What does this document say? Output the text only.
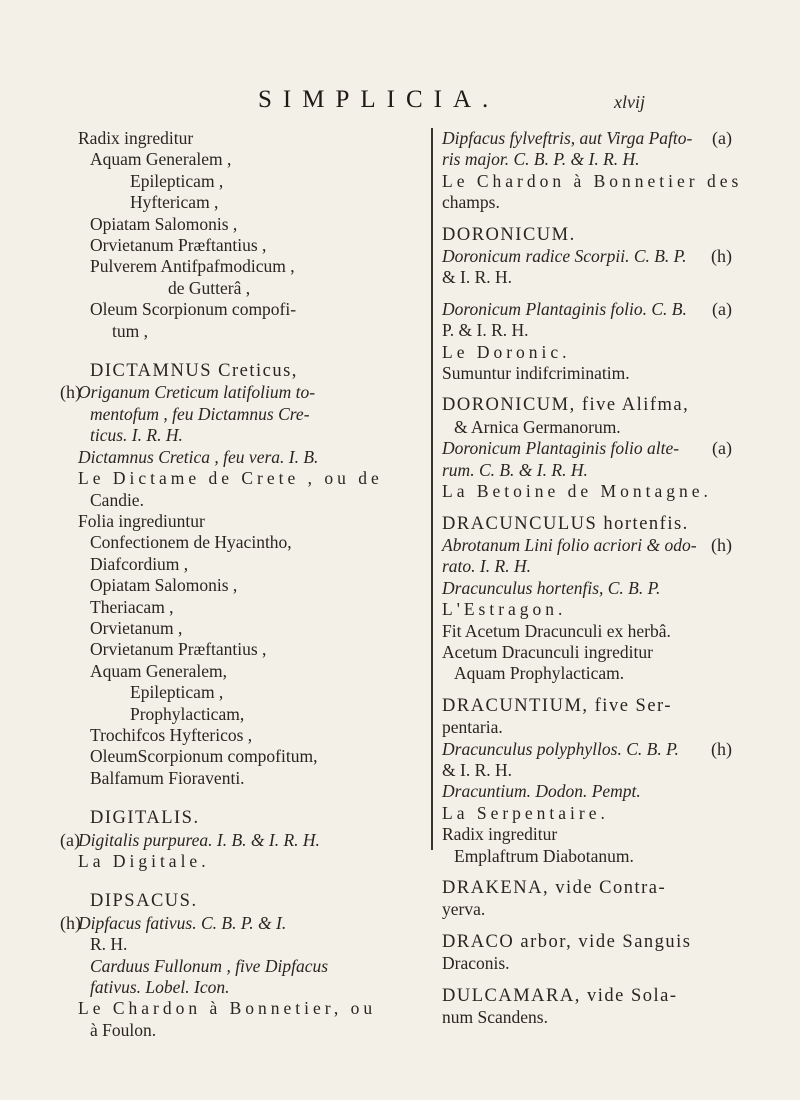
SIMPLICIA.	xlvij
Radix ingreditur
Aquam Generalem ,
Epilepticam ,
Hyftericam ,
Opiatam Salomonis ,
Orvietanum Præftantius ,
Pulverem Antifpafmodicum ,
de Gutterâ ,
Oleum Scorpionum compofi-
tum ,
DICTAMNUS Creticus,
Origanum Creticum latifolium to-
(h)
mentofum , feu Dictamnus Cre-
ticus. I. R. H.
Dictamnus Cretica , feu vera. I. B.
Le Dictame de Crete , ou de
Candie.
Folia ingrediuntur
Confectionem de Hyacintho,
Diafcordium ,
Opiatam Salomonis ,
Theriacam ,
Orvietanum ,
Orvietanum Præftantius ,
Aquam Generalem,
Epilepticam ,
Prophylacticam,
Trochifcos Hyftericos ,
OleumScorpionum compofitum,
Balfamum Fioraventi.
DIGITALIS.
Digitalis purpurea. I. B. & I. R. H.
(a)
La Digitale.
DIPSACUS.
Dipfacus fativus. C. B. P. & I.
(h)
R. H.
Carduus Fullonum , five Dipfacus
fativus. Lobel. Icon.
Le Chardon à Bonnetier, ou
à Foulon.
Dipfacus fylveftris, aut Virga Pafto- (a)
ris major. C. B. P. & I. R. H.
Le Chardon à Bonnetier des
champs.
DORONICUM.
Doronicum radice Scorpii. C. B. P. (h)
& I. R. H.
Doronicum Plantaginis folio. C. B. (a)
P. & I. R. H.
Le Doronic.
Sumuntur indifcriminatim.
DORONICUM, five Alifma,
& Arnica Germanorum.
Doronicum Plantaginis folio alte- (a)
rum. C. B. & I. R. H.
La Betoine de Montagne.
DRACUNCULUS hortenfis.
Abrotanum Lini folio acriori & odo- (h)
rato. I. R. H.
Dracunculus hortenfis, C. B. P.
L'Estragon.
Fit Acetum Dracunculi ex herbâ.
Acetum Dracunculi ingreditur
Aquam Prophylacticam.
DRACUNTIUM, five Ser-
pentaria.
Dracunculus polyphyllos. C. B. P. (h)
& I. R. H.
Dracuntium. Dodon. Pempt.
La Serpentaire.
Radix ingreditur
Emplaftrum Diabotanum.
DRAKENA, vide Contra-
yerva.
DRACO arbor, vide Sanguis
Draconis.
DULCAMARA, vide Sola-
num Scandens.
